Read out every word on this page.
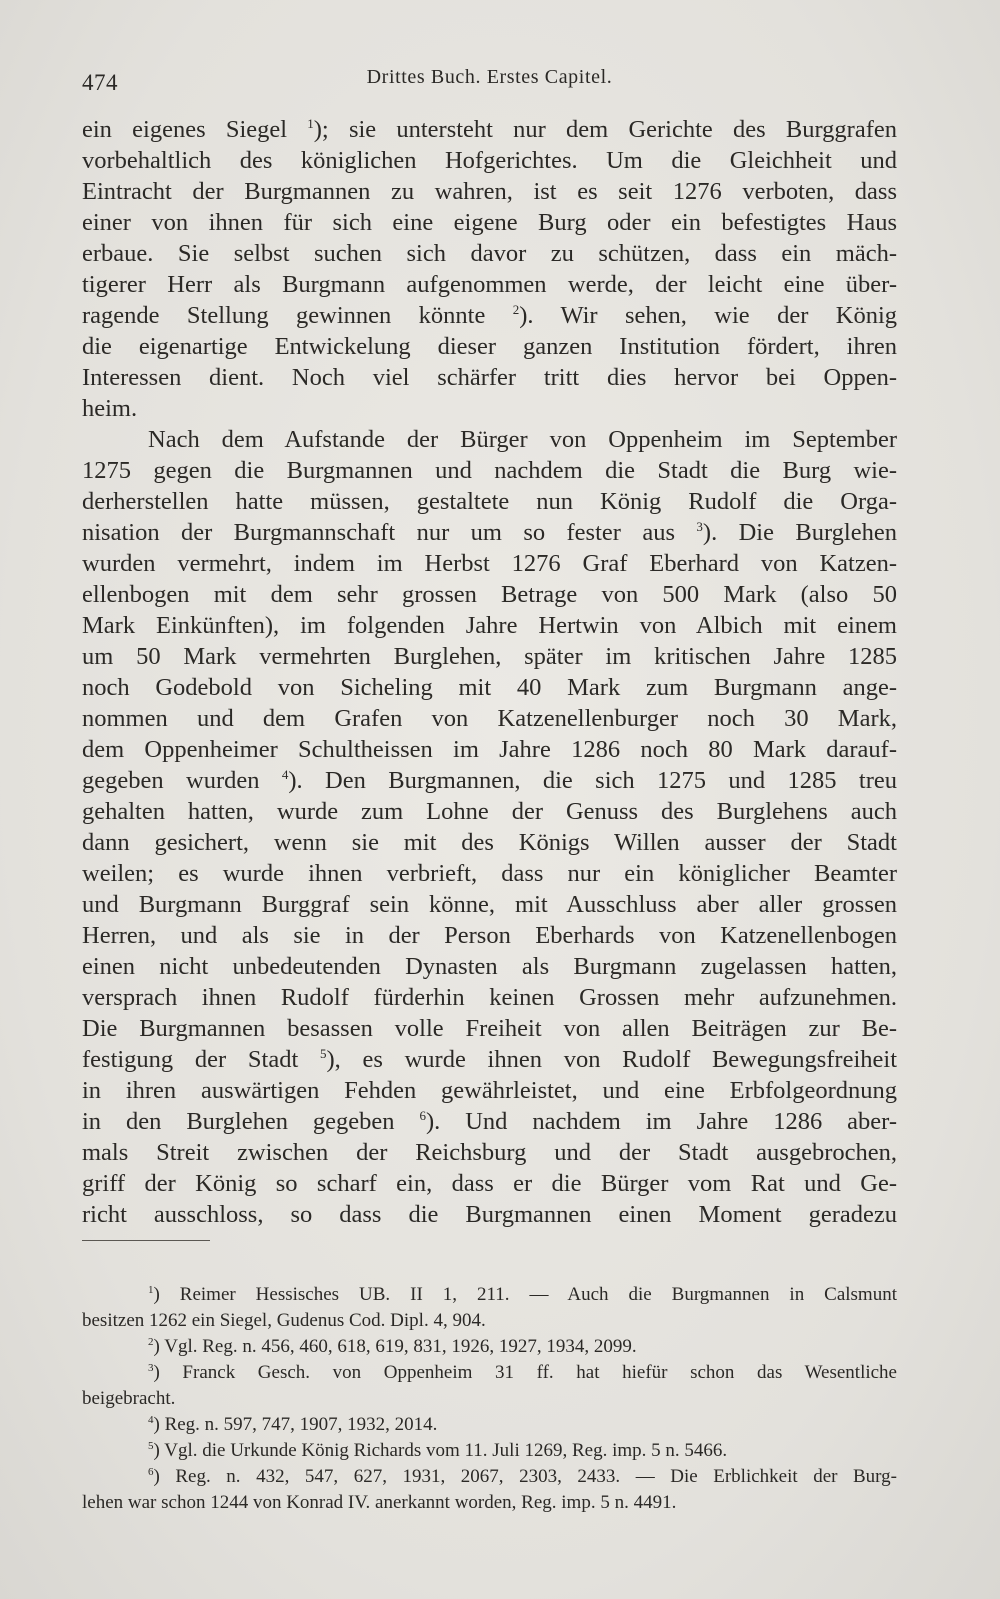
474	Drittes Buch. Erstes Capitel.
ein eigenes Siegel $^1$); sie untersteht nur dem Gerichte des Burggrafen
vorbehaltlich des königlichen Hofgerichtes. Um die Gleichheit und
Eintracht der Burgmannen zu wahren, ist es seit 1276 verboten, dass
einer von ihnen für sich eine eigene Burg oder ein befestigtes Haus
erbaue. Sie selbst suchen sich davor zu schützen, dass ein mäch-
tigerer Herr als Burgmann aufgenommen werde, der leicht eine über-
ragende Stellung gewinnen könnte $^2$). Wir sehen, wie der König
die eigenartige Entwickelung dieser ganzen Institution fördert, ihren
Interessen dient. Noch viel schärfer tritt dies hervor bei Oppen-
heim.
Nach dem Aufstande der Bürger von Oppenheim im September
1275 gegen die Burgmannen und nachdem die Stadt die Burg wie-
derherstellen hatte müssen, gestaltete nun König Rudolf die Orga-
nisation der Burgmannschaft nur um so fester aus $^3$). Die Burglehen
wurden vermehrt, indem im Herbst 1276 Graf Eberhard von Katzen-
ellenbogen mit dem sehr grossen Betrage von 500 Mark (also 50
Mark Einkünften), im folgenden Jahre Hertwin von Albich mit einem
um 50 Mark vermehrten Burglehen, später im kritischen Jahre 1285
noch Godebold von Sicheling mit 40 Mark zum Burgmann ange-
nommen und dem Grafen von Katzenellenburger noch 30 Mark,
dem Oppenheimer Schultheissen im Jahre 1286 noch 80 Mark darauf-
gegeben wurden $^4$). Den Burgmannen, die sich 1275 und 1285 treu
gehalten hatten, wurde zum Lohne der Genuss des Burglehens auch
dann gesichert, wenn sie mit des Königs Willen ausser der Stadt
weilen; es wurde ihnen verbrieft, dass nur ein königlicher Beamter
und Burgmann Burggraf sein könne, mit Ausschluss aber aller grossen
Herren, und als sie in der Person Eberhards von Katzenellenbogen
einen nicht unbedeutenden Dynasten als Burgmann zugelassen hatten,
versprach ihnen Rudolf fürderhin keinen Grossen mehr aufzunehmen.
Die Burgmannen besassen volle Freiheit von allen Beiträgen zur Be-
festigung der Stadt $^5$), es wurde ihnen von Rudolf Bewegungsfreiheit
in ihren auswärtigen Fehden gewährleistet, und eine Erbfolgeordnung
in den Burglehen gegeben $^6$). Und nachdem im Jahre 1286 aber-
mals Streit zwischen der Reichsburg und der Stadt ausgebrochen,
griff der König so scharf ein, dass er die Bürger vom Rat und Ge-
richt ausschloss, so dass die Burgmannen einen Moment geradezu
$^1$) Reimer Hessisches UB. II 1, 211. — Auch die Burgmannen in Calsmunt
besitzen 1262 ein Siegel, Gudenus Cod. Dipl. 4, 904.
$^2$) Vgl. Reg. n. 456, 460, 618, 619, 831, 1926, 1927, 1934, 2099.
$^3$) Franck Gesch. von Oppenheim 31 ff. hat hiefür schon das Wesentliche
beigebracht.
$^4$) Reg. n. 597, 747, 1907, 1932, 2014.
$^5$) Vgl. die Urkunde König Richards vom 11. Juli 1269, Reg. imp. 5 n. 5466.
$^6$) Reg. n. 432, 547, 627, 1931, 2067, 2303, 2433. — Die Erblichkeit der Burg-
lehen war schon 1244 von Konrad IV. anerkannt worden, Reg. imp. 5 n. 4491.
